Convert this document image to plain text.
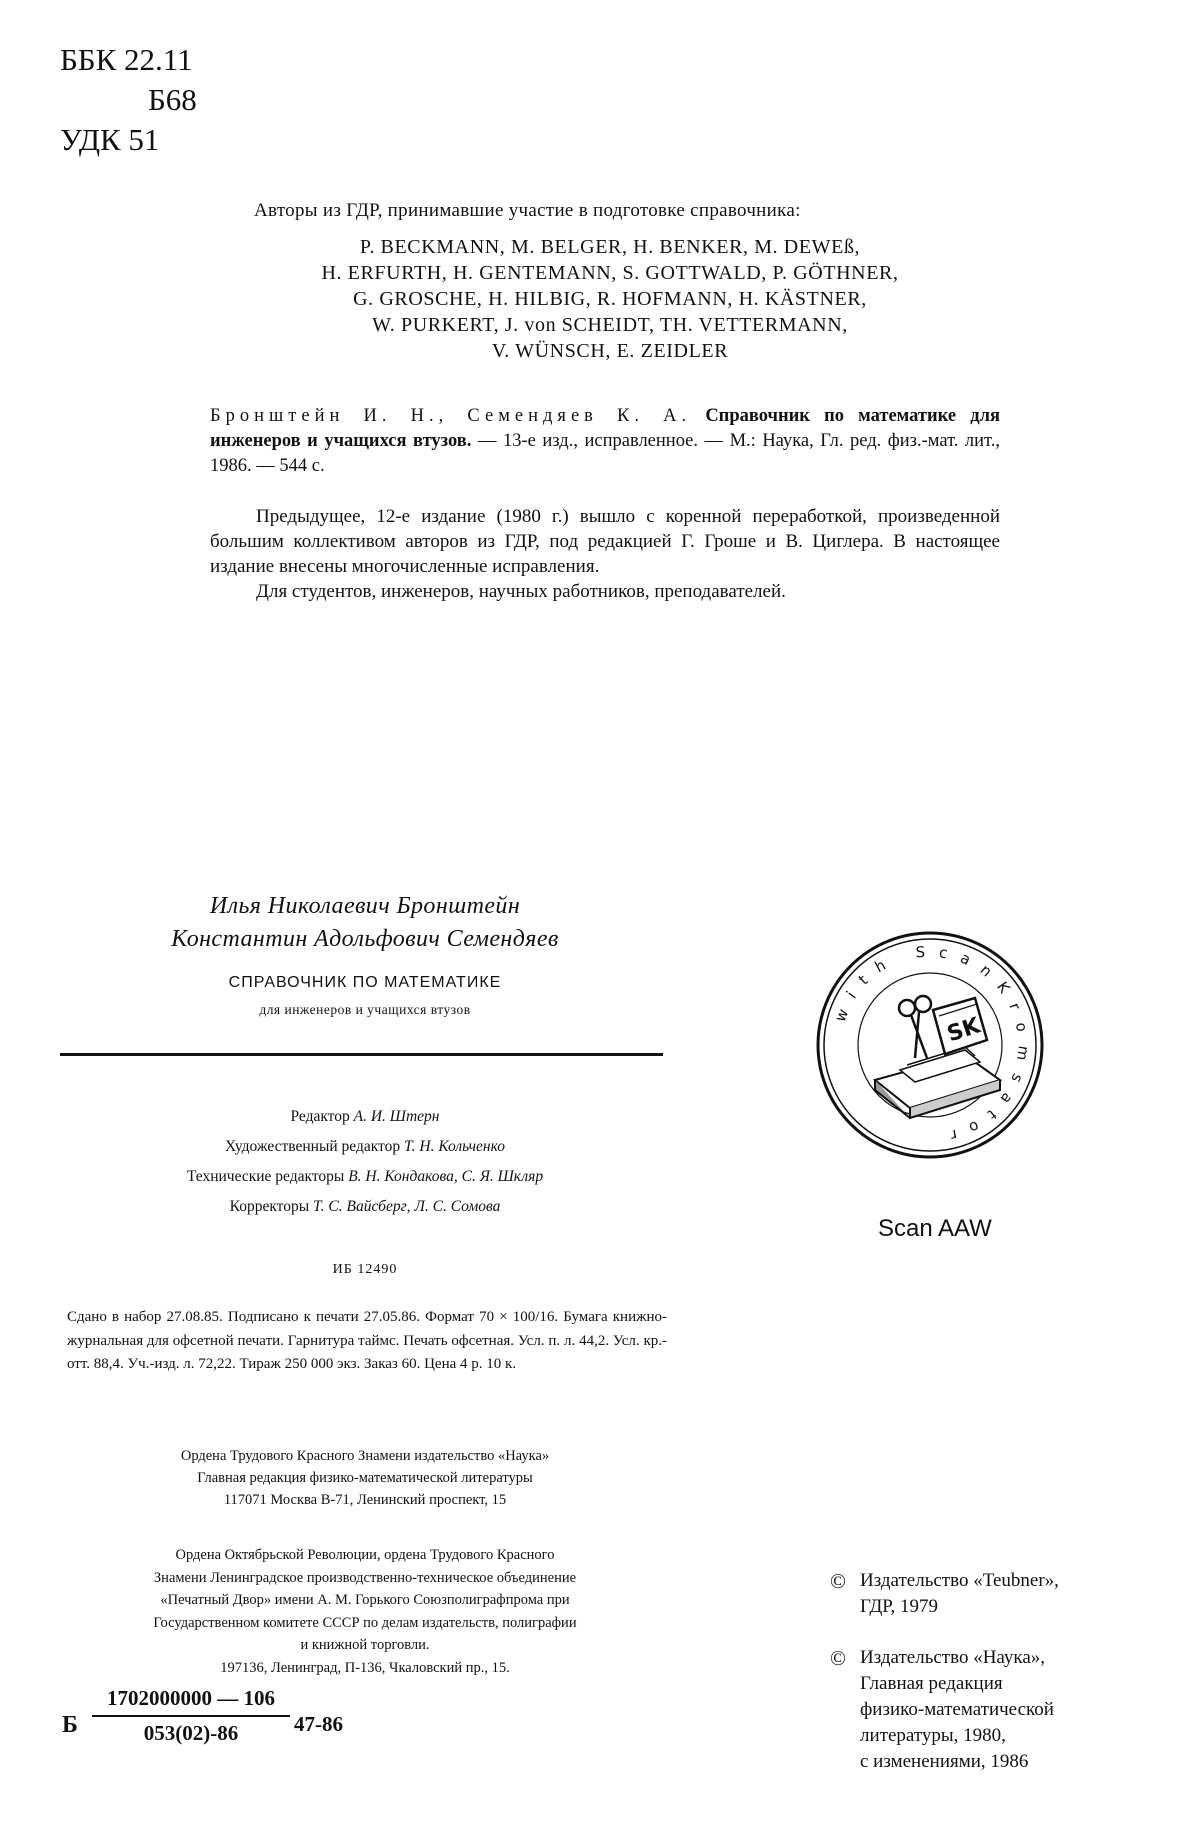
ББК 22.11
Б68
УДК 51
Авторы из ГДР, принимавшие участие в подготовке справочника:
P. BECKMANN, M. BELGER, H. BENKER, M. DEWEß,
H. ERFURTH, H. GENTEMANN, S. GOTTWALD, P. GÖTHNER,
G. GROSCHE, H. HILBIG, R. HOFMANN, H. KÄSTNER,
W. PURKERT, J. von SCHEIDT, TH. VETTERMANN,
V. WÜNSCH, E. ZEIDLER
Бронштейн И. Н., Семендяев К. А. Справочник по математике для инженеров и учащихся втузов. — 13-е изд., исправленное. — М.: Наука, Гл. ред. физ.-мат. лит., 1986. — 544 с.

Предыдущее, 12-е издание (1980 г.) вышло с коренной переработкой, произведенной большим коллективом авторов из ГДР, под редакцией Г. Гроше и В. Циглера. В настоящее издание внесены многочисленные исправления.

Для студентов, инженеров, научных работников, преподавателей.

Илья Николаевич Бронштейн
Константин Адольфович Семендяев
СПРАВОЧНИК ПО МАТЕМАТИКЕ
для инженеров и учащихся втузов
Редактор А. И. Штерн
Художественный редактор Т. Н. Кольченко
Технические редакторы В. Н. Кондакова, С. Я. Шкляр
Корректоры Т. С. Вайсберг, Л. С. Сомова
ИБ 12490

Сдано в набор 27.08.85. Подписано к печати 27.05.86. Формат 70 × 100/16. Бумага книжно-журнальная для офсетной печати. Гарнитура таймс. Печать офсетная. Усл. п. л. 44,2. Усл. кр.-отт. 88,4. Уч.-изд. л. 72,22. Тираж 250 000 экз. Заказ 60. Цена 4 р. 10 к.

Ордена Трудового Красного Знамени издательство «Наука»
Главная редакция физико-математической литературы
117071 Москва В-71, Ленинский проспект, 15
Ордена Октябрьской Революции, ордена Трудового Красного
Знамени Ленинградское производственно-техническое объединение
«Печатный Двор» имени А. М. Горького Союзполиграфпрома при
Государственном комитете СССР по делам издательств, полиграфии
и книжной торговли.
197136, Ленинград, П-136, Чкаловский пр., 15.
Б $\frac{1702000000 — 106}{053(02)-86} 47-86$
with ScanKromsator
SK
Scan AAW
© Издательство «Teubner»,
ГДР, 1979
© Издательство «Наука»,
Главная редакция
физико-математической
литературы, 1980,
с изменениями, 1986
